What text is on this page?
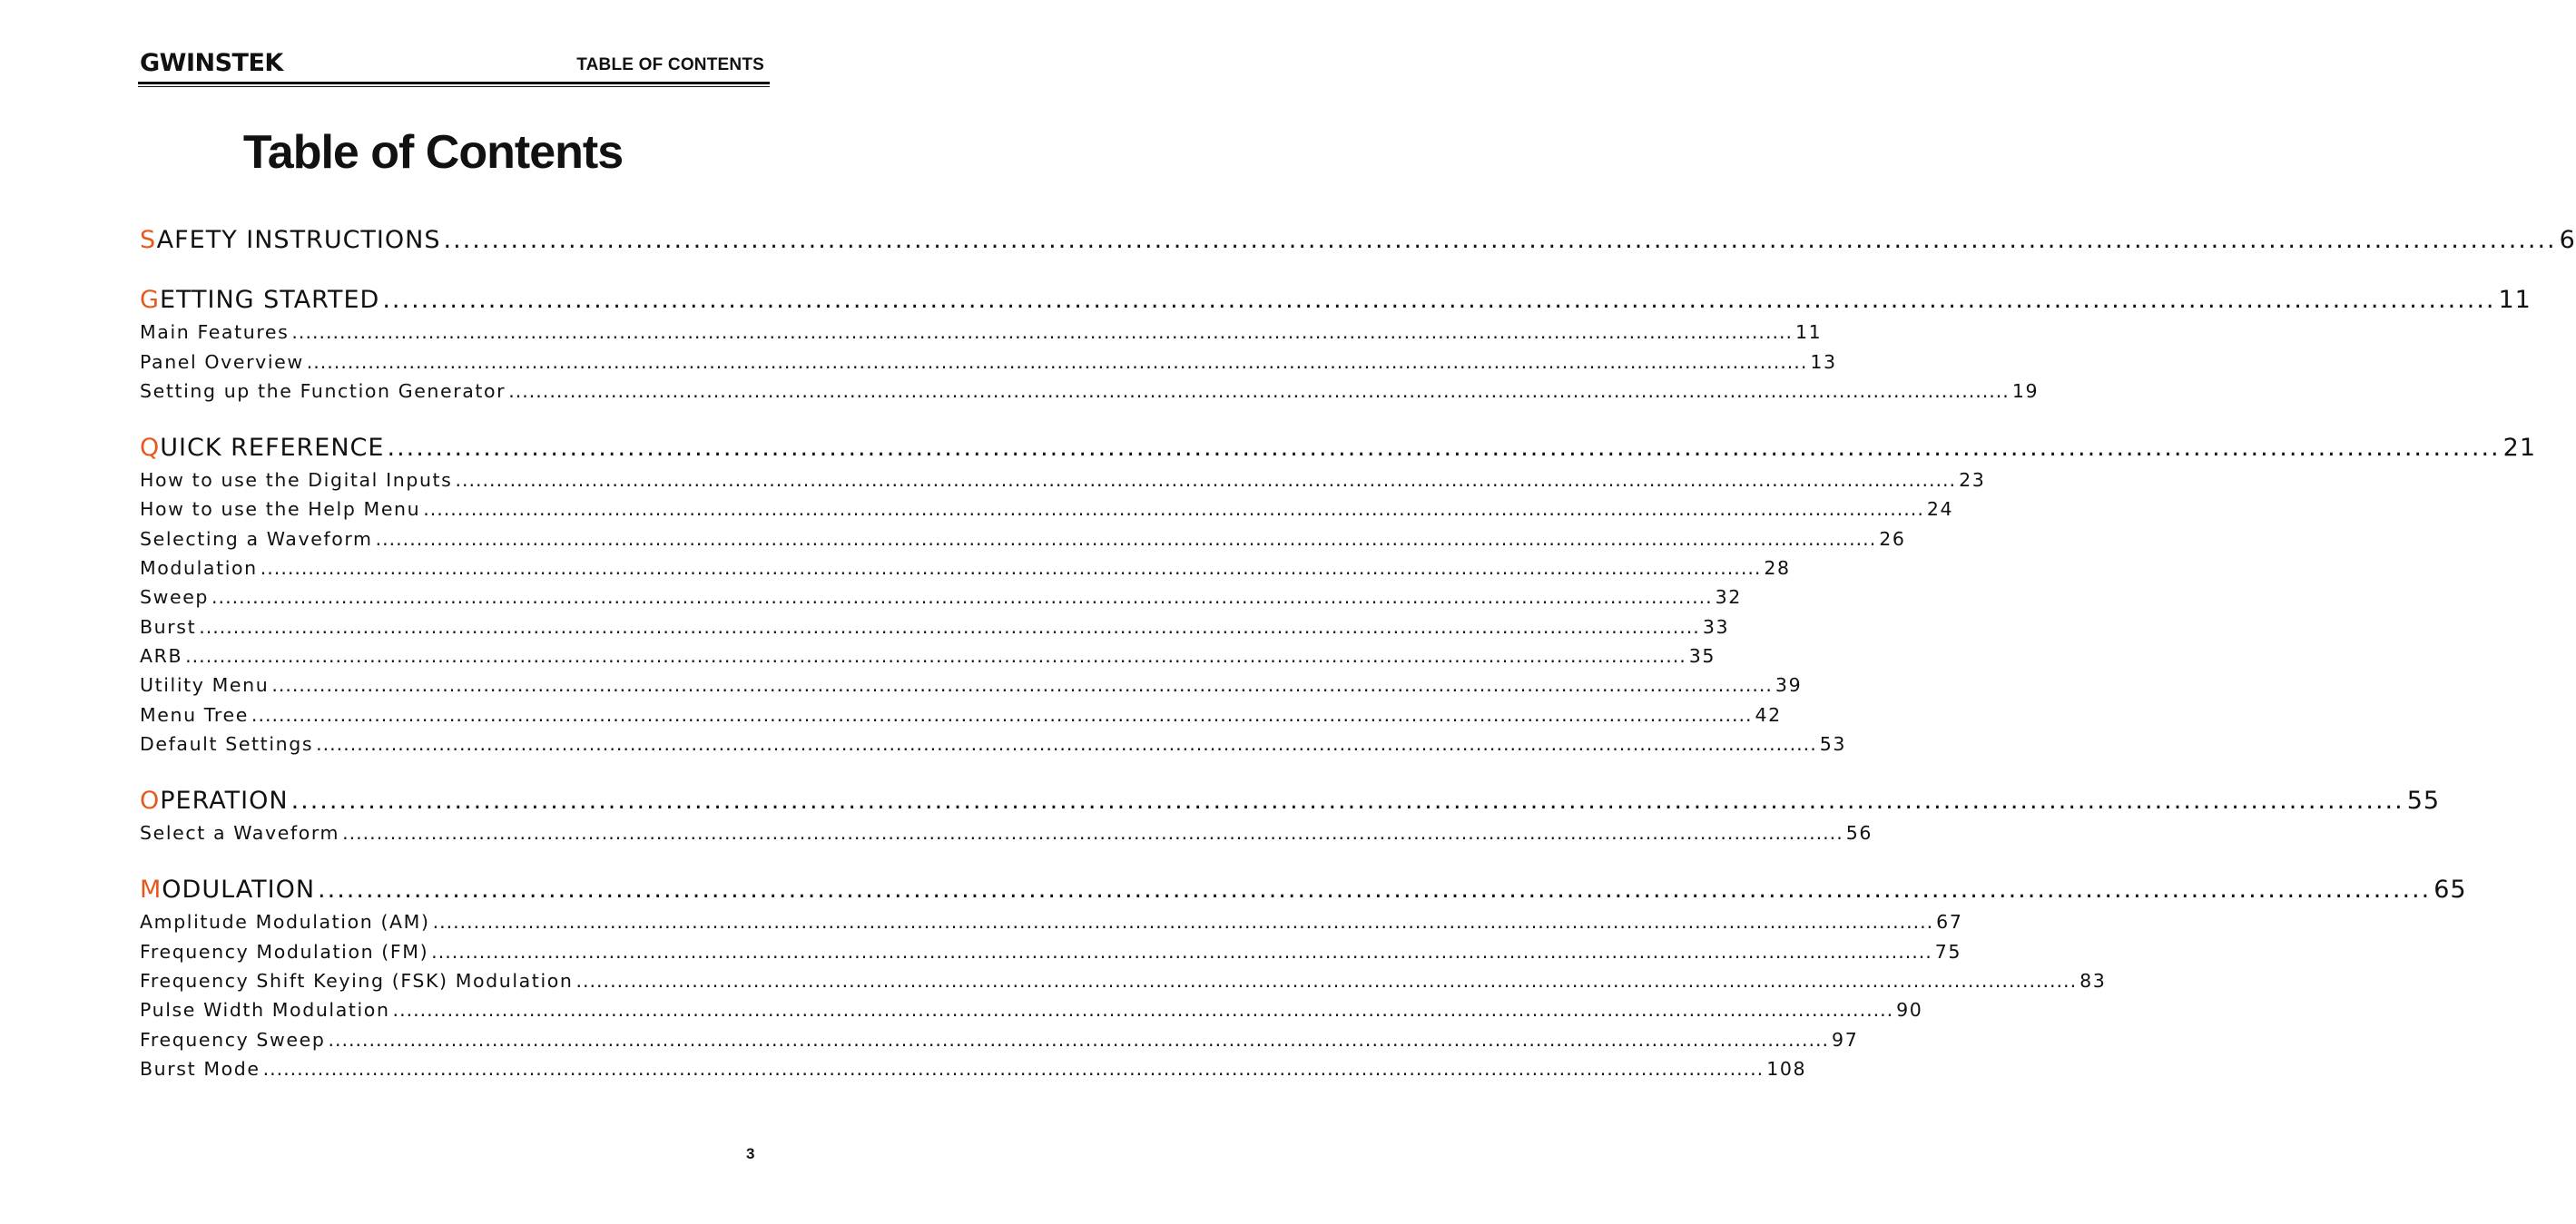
GWINSTEK	TABLE OF CONTENTS
Table of Contents
SAFETY INSTRUCTIONS ............................................................................................................................................................................................................................ 6
GETTING STARTED ............................................................................................................................................................................................................................ 11
Main Features ............................................................................................................................................................................................................................ 11
Panel Overview ............................................................................................................................................................................................................................ 13
Setting up the Function Generator ............................................................................................................................................................................................................................ 19
QUICK REFERENCE ............................................................................................................................................................................................................................ 21
How to use the Digital Inputs ............................................................................................................................................................................................................................ 23
How to use the Help Menu ............................................................................................................................................................................................................................ 24
Selecting a Waveform ............................................................................................................................................................................................................................ 26
Modulation ............................................................................................................................................................................................................................ 28
Sweep ............................................................................................................................................................................................................................ 32
Burst ............................................................................................................................................................................................................................ 33
ARB ............................................................................................................................................................................................................................ 35
Utility Menu ............................................................................................................................................................................................................................ 39
Menu Tree ............................................................................................................................................................................................................................ 42
Default Settings ............................................................................................................................................................................................................................ 53
OPERATION ............................................................................................................................................................................................................................ 55
Select a Waveform ............................................................................................................................................................................................................................ 56
MODULATION ............................................................................................................................................................................................................................ 65
Amplitude Modulation (AM) ............................................................................................................................................................................................................................ 67
Frequency Modulation (FM) ............................................................................................................................................................................................................................ 75
Frequency Shift Keying (FSK) Modulation ............................................................................................................................................................................................................................ 83
Pulse Width Modulation ............................................................................................................................................................................................................................ 90
Frequency Sweep ............................................................................................................................................................................................................................ 97
Burst Mode ............................................................................................................................................................................................................................ 108
3
